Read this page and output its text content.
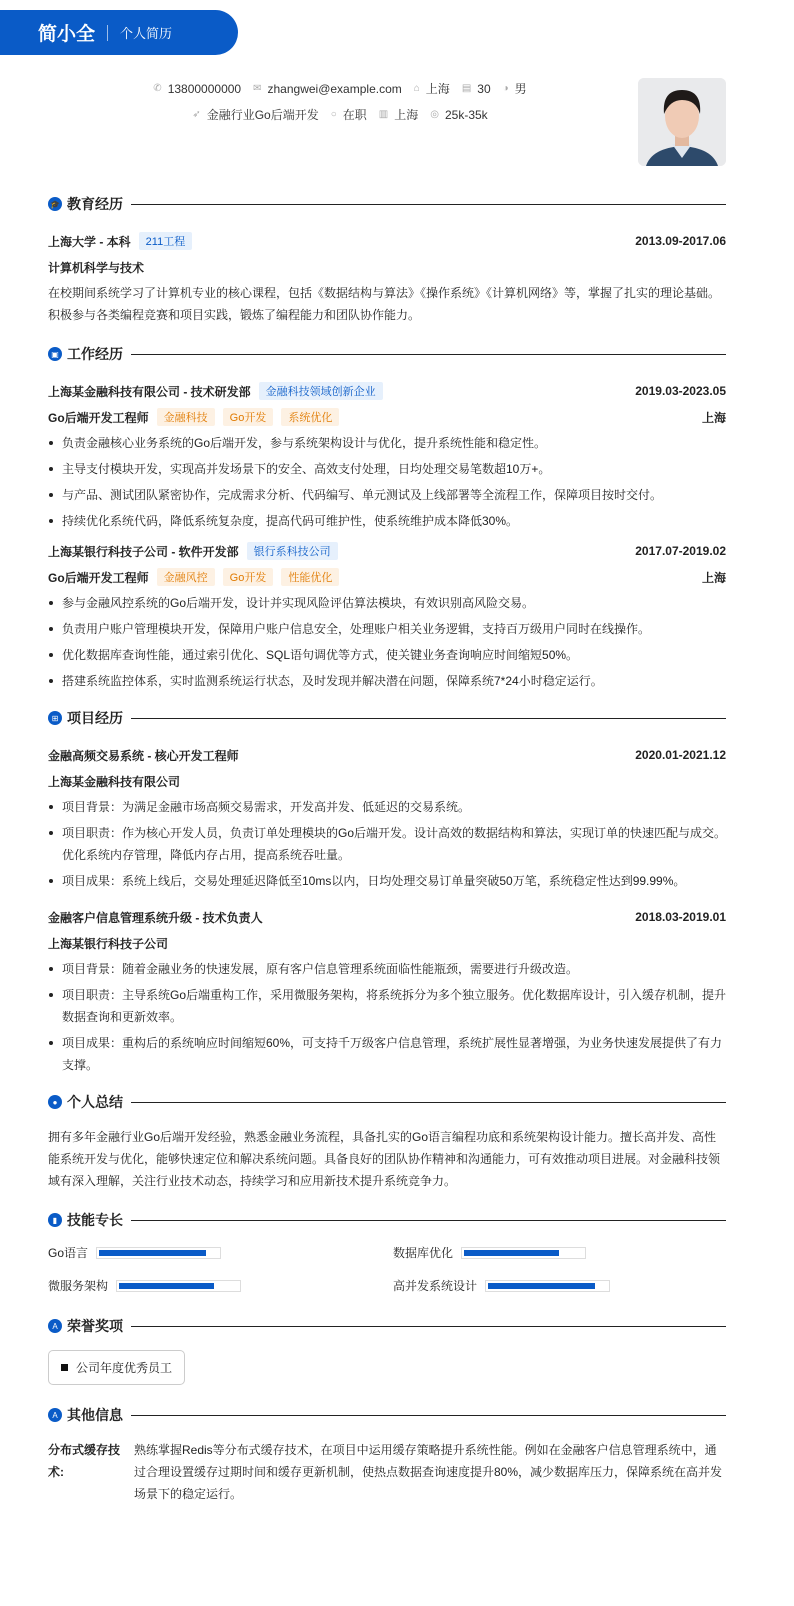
简小全 个人简历
✆ 13800000000 ✉ zhangwei@example.com ⌂ 上海 ▤ 30 ◑ 男
➶ 金融行业Go后端开发 ○ 在职 ▥ 上海 ◎ 25k-35k
🎓 教育经历
上海大学 - 本科	211工程	2013.09-2017.06
计算机科学与技术

在校期间系统学习了计算机专业的核心课程，包括《数据结构与算法》《操作系统》《计算机网络》等，掌握了扎实的理论基础。积极参与各类编程竞赛和项目实践，锻炼了编程能力和团队协作能力。

▣ 工作经历
上海某金融科技有限公司 - 技术研发部	金融科技领域创新企业	2019.03-2023.05
Go后端开发工程师	金融科技	Go开发	系统优化	上海
负责金融核心业务系统的Go后端开发，参与系统架构设计与优化，提升系统性能和稳定性。
主导支付模块开发，实现高并发场景下的安全、高效支付处理，日均处理交易笔数超10万+。
与产品、测试团队紧密协作，完成需求分析、代码编写、单元测试及上线部署等全流程工作，保障项目按时交付。
持续优化系统代码，降低系统复杂度，提高代码可维护性，使系统维护成本降低30%。
上海某银行科技子公司 - 软件开发部	银行系科技公司	2017.07-2019.02
Go后端开发工程师	金融风控	Go开发	性能优化	上海
参与金融风控系统的Go后端开发，设计并实现风险评估算法模块，有效识别高风险交易。
负责用户账户管理模块开发，保障用户账户信息安全，处理账户相关业务逻辑，支持百万级用户同时在线操作。
优化数据库查询性能，通过索引优化、SQL语句调优等方式，使关键业务查询响应时间缩短50%。
搭建系统监控体系，实时监测系统运行状态，及时发现并解决潜在问题，保障系统7*24小时稳定运行。
⊞ 项目经历
金融高频交易系统 - 核心开发工程师	2020.01-2021.12
上海某金融科技有限公司
项目背景：为满足金融市场高频交易需求，开发高并发、低延迟的交易系统。
项目职责：作为核心开发人员，负责订单处理模块的Go后端开发。设计高效的数据结构和算法，实现订单的快速匹配与成交。优化系统内存管理，降低内存占用，提高系统吞吐量。
项目成果：系统上线后，交易处理延迟降低至10ms以内，日均处理交易订单量突破50万笔，系统稳定性达到99.99%。
金融客户信息管理系统升级 - 技术负责人	2018.03-2019.01
上海某银行科技子公司
项目背景：随着金融业务的快速发展，原有客户信息管理系统面临性能瓶颈，需要进行升级改造。
项目职责：主导系统Go后端重构工作，采用微服务架构，将系统拆分为多个独立服务。优化数据库设计，引入缓存机制，提升数据查询和更新效率。
项目成果：重构后的系统响应时间缩短60%，可支持千万级客户信息管理，系统扩展性显著增强，为业务快速发展提供了有力支撑。
● 个人总结

拥有多年金融行业Go后端开发经验，熟悉金融业务流程，具备扎实的Go语言编程功底和系统架构设计能力。擅长高并发、高性能系统开发与优化，能够快速定位和解决系统问题。具备良好的团队协作精神和沟通能力，可有效推动项目进展。对金融科技领域有深入理解，关注行业技术动态，持续学习和应用新技术提升系统竞争力。

▮ 技能专长
Go语言	数据库优化
微服务架构	高并发系统设计
A 荣誉奖项
公司年度优秀员工
A 其他信息
分布式缓存技术:
熟练掌握Redis等分布式缓存技术，在项目中运用缓存策略提升系统性能。例如在金融客户信息管理系统中，通过合理设置缓存过期时间和缓存更新机制，使热点数据查询速度提升80%，减少数据库压力，保障系统在高并发场景下的稳定运行。
